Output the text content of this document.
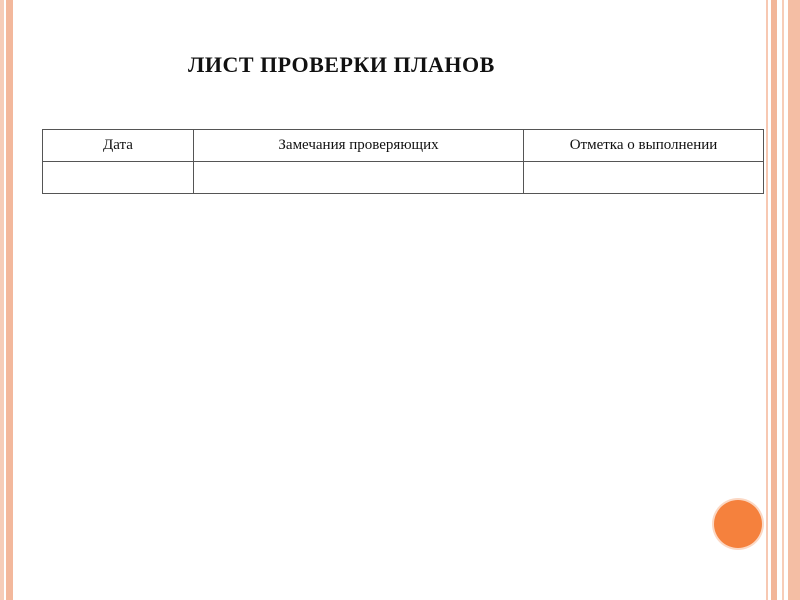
ЛИСТ ПРОВЕРКИ ПЛАНОВ
Дата	Замечания проверяющих	Отметка о выполнении
